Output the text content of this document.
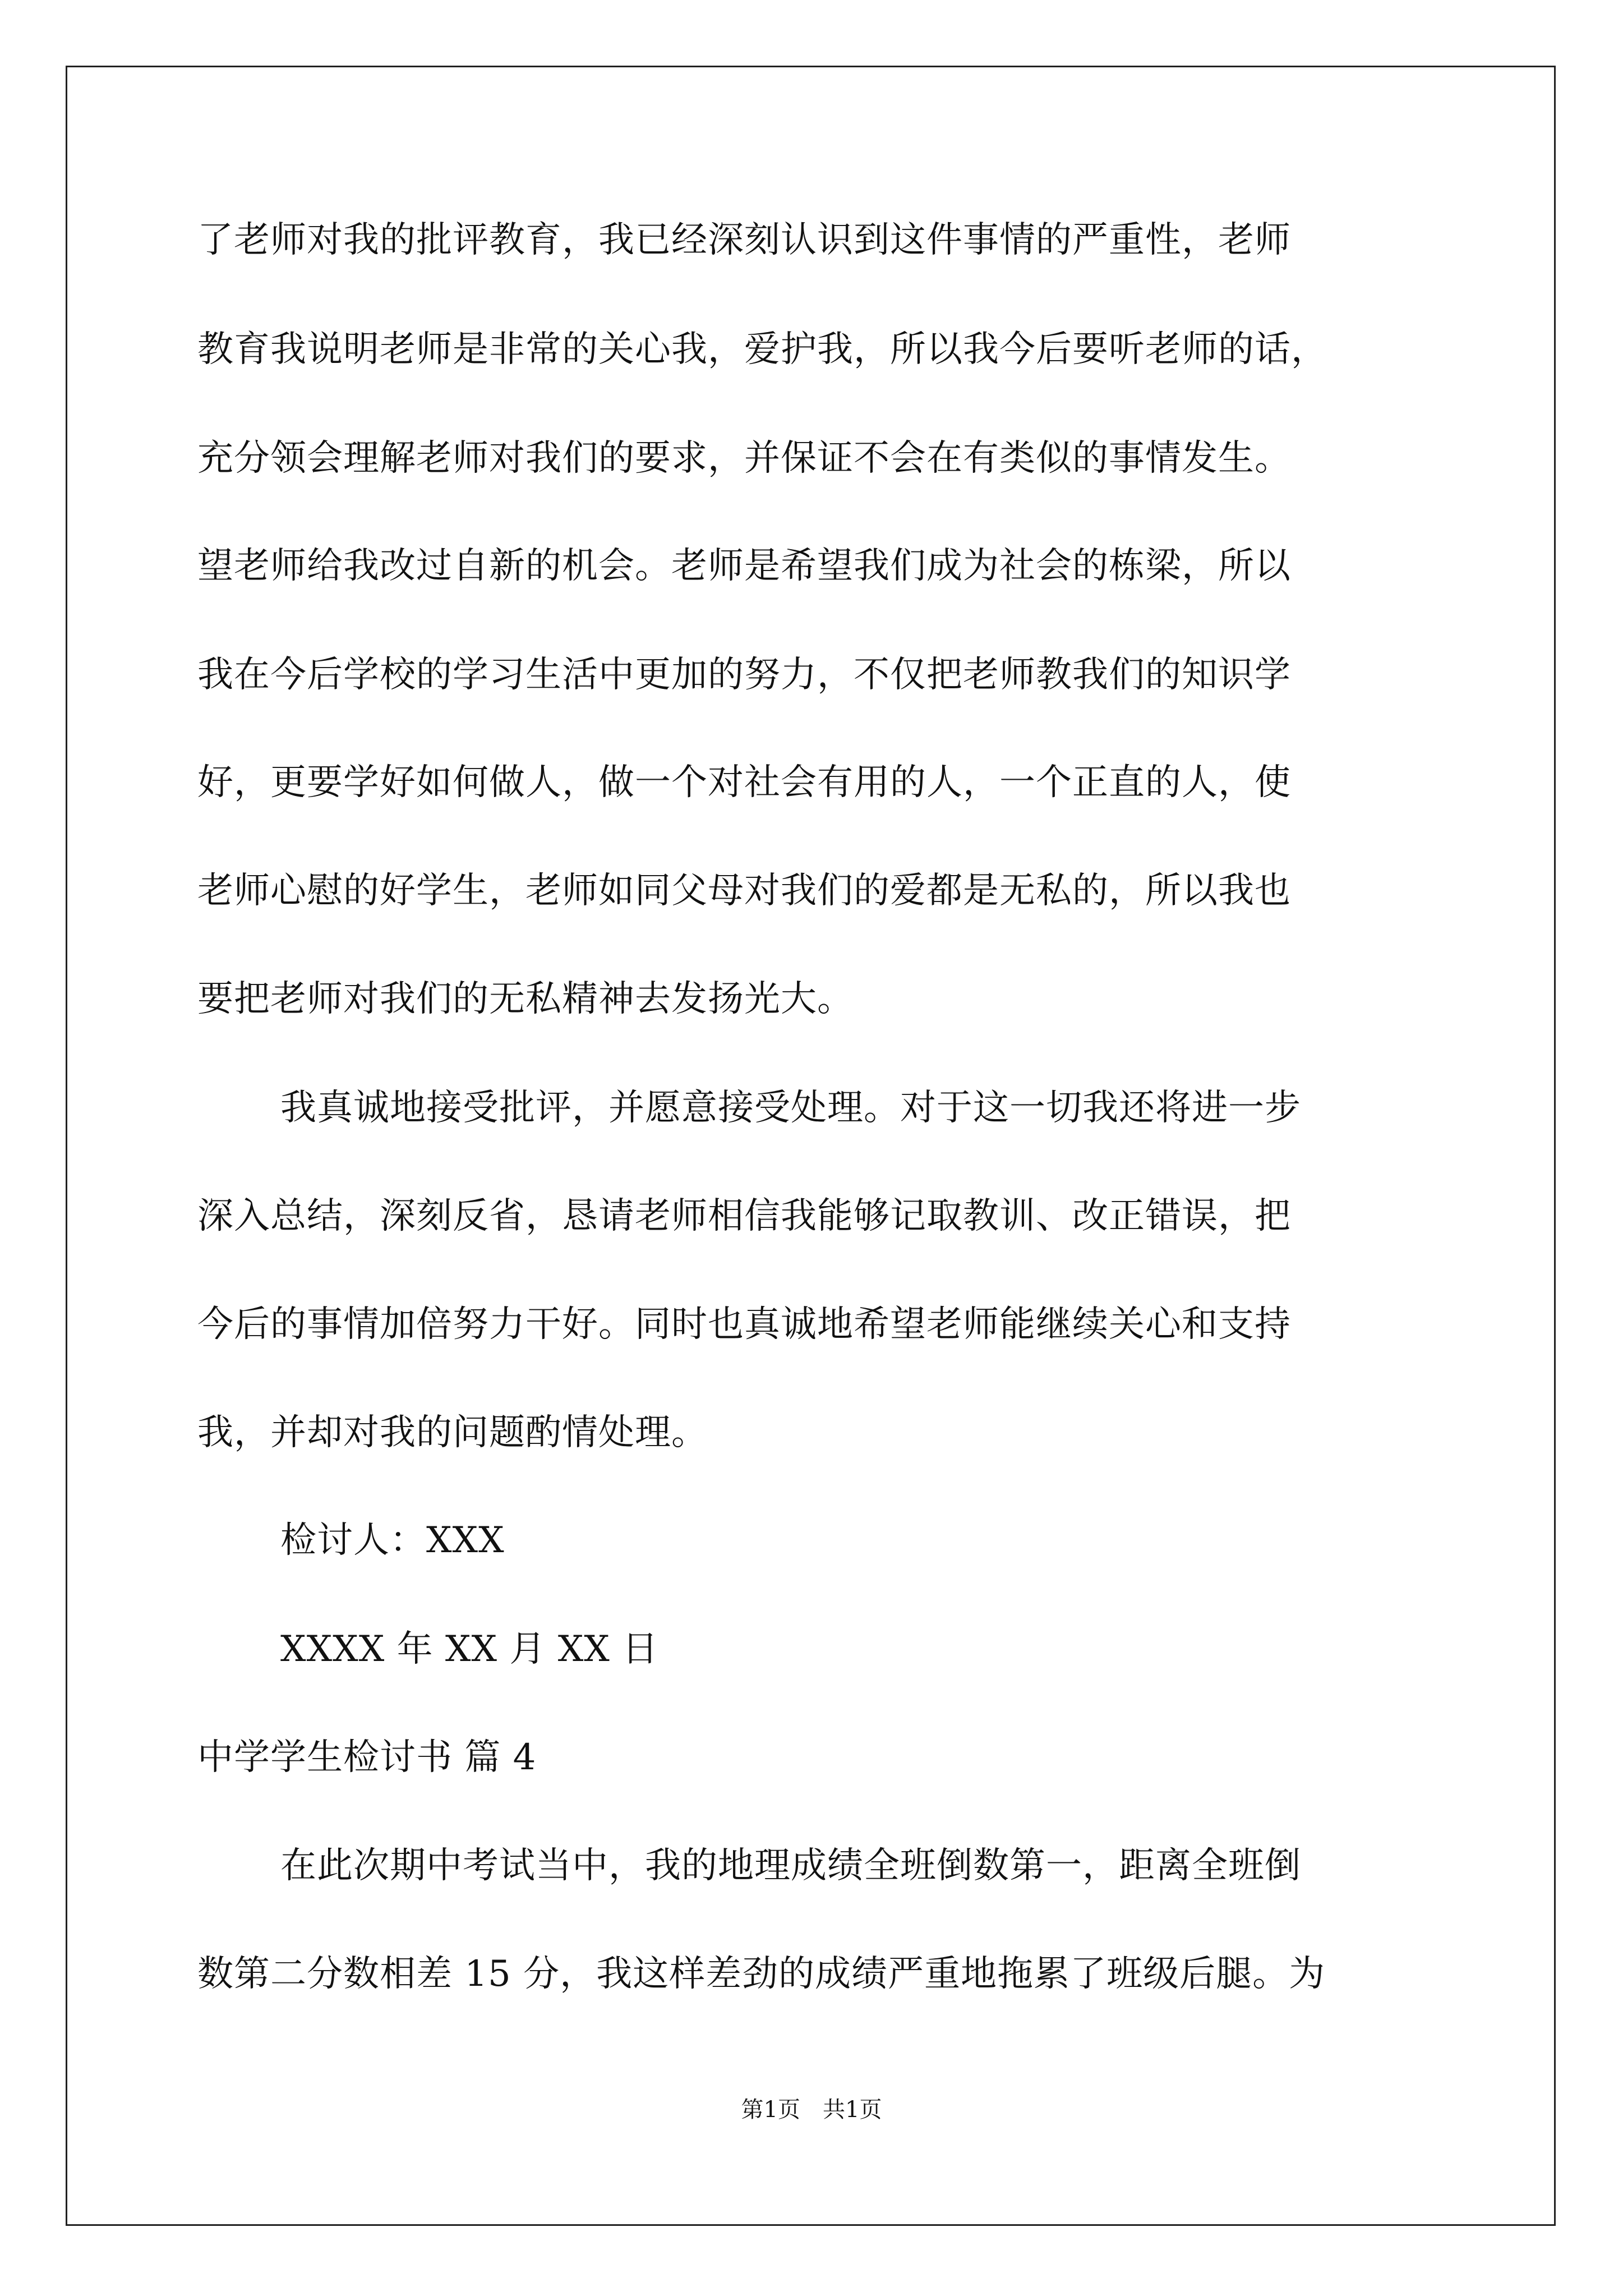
了老师对我的批评教育，我已经深刻认识到这件事情的严重性，老师
教育我说明老师是非常的关心我，爱护我，所以我今后要听老师的话，
充分领会理解老师对我们的要求，并保证不会在有类似的事情发生。
望老师给我改过自新的机会。老师是希望我们成为社会的栋梁，所以
我在今后学校的学习生活中更加的努力，不仅把老师教我们的知识学
好，更要学好如何做人，做一个对社会有用的人，一个正直的人，使
老师心慰的好学生，老师如同父母对我们的爱都是无私的，所以我也
要把老师对我们的无私精神去发扬光大。
我真诚地接受批评，并愿意接受处理。对于这一切我还将进一步
深入总结，深刻反省，恳请老师相信我能够记取教训、改正错误，把
今后的事情加倍努力干好。同时也真诚地希望老师能继续关心和支持
我，并却对我的问题酌情处理。
检讨人：XXX
XXXX 年 XX 月 XX 日
中学学生检讨书 篇 4
在此次期中考试当中，我的地理成绩全班倒数第一，距离全班倒
数第二分数相差 15 分，我这样差劲的成绩严重地拖累了班级后腿。为
第1页　共1页
